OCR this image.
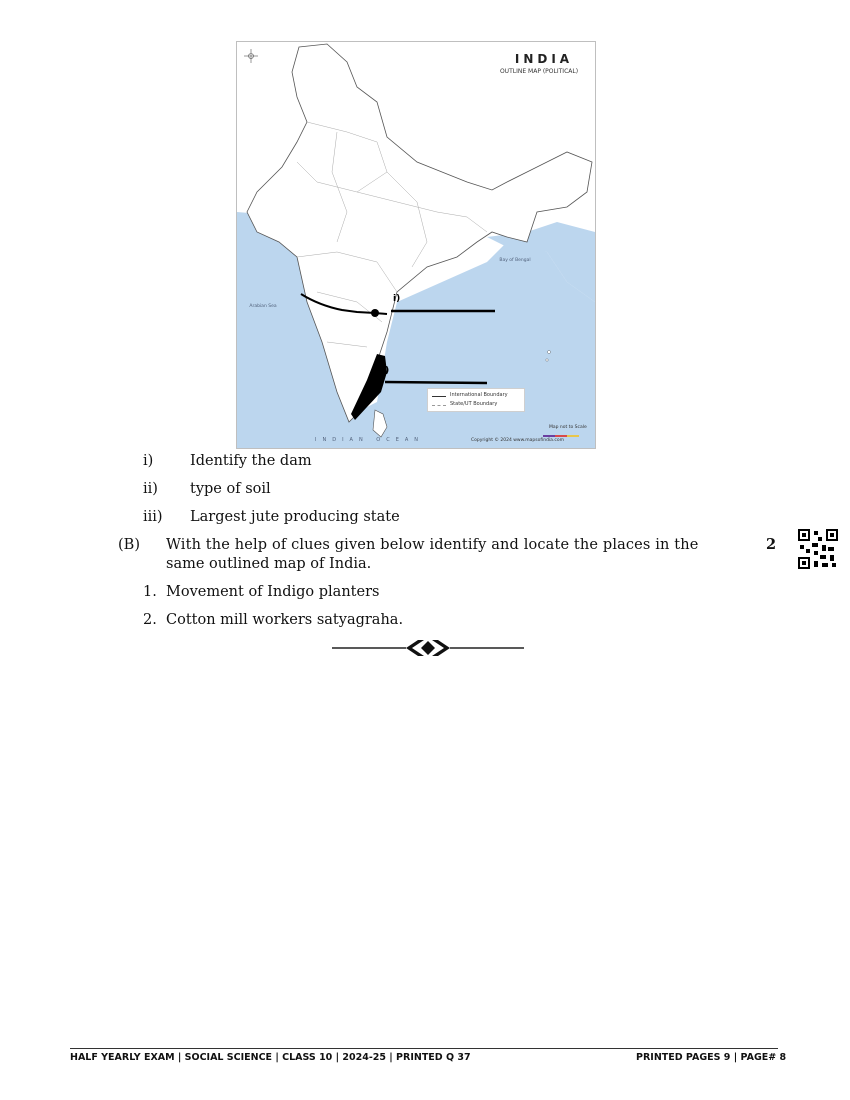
INDIA
OUTLINE MAP (POLITICAL)
Arabian Sea
Bay of Bengal
INDIAN OCEAN
i)
ii)
International Boundary
State/UT Boundary
Map not to Scale
Copyright © 2024 www.mapsofindia.com
i)	Identify the dam
ii) type of soil
iii) Largest jute producing state
(B) With the help of clues given below identify and locate the places in the
same outlined map of India.
2
1. Movement of Indigo planters
2. Cotton mill workers satyagraha.
HALF YEARLY EXAM | SOCIAL SCIENCE | CLASS 10 | 2024-25 | PRINTED Q 37	PRINTED PAGES 9 | PAGE# 8
